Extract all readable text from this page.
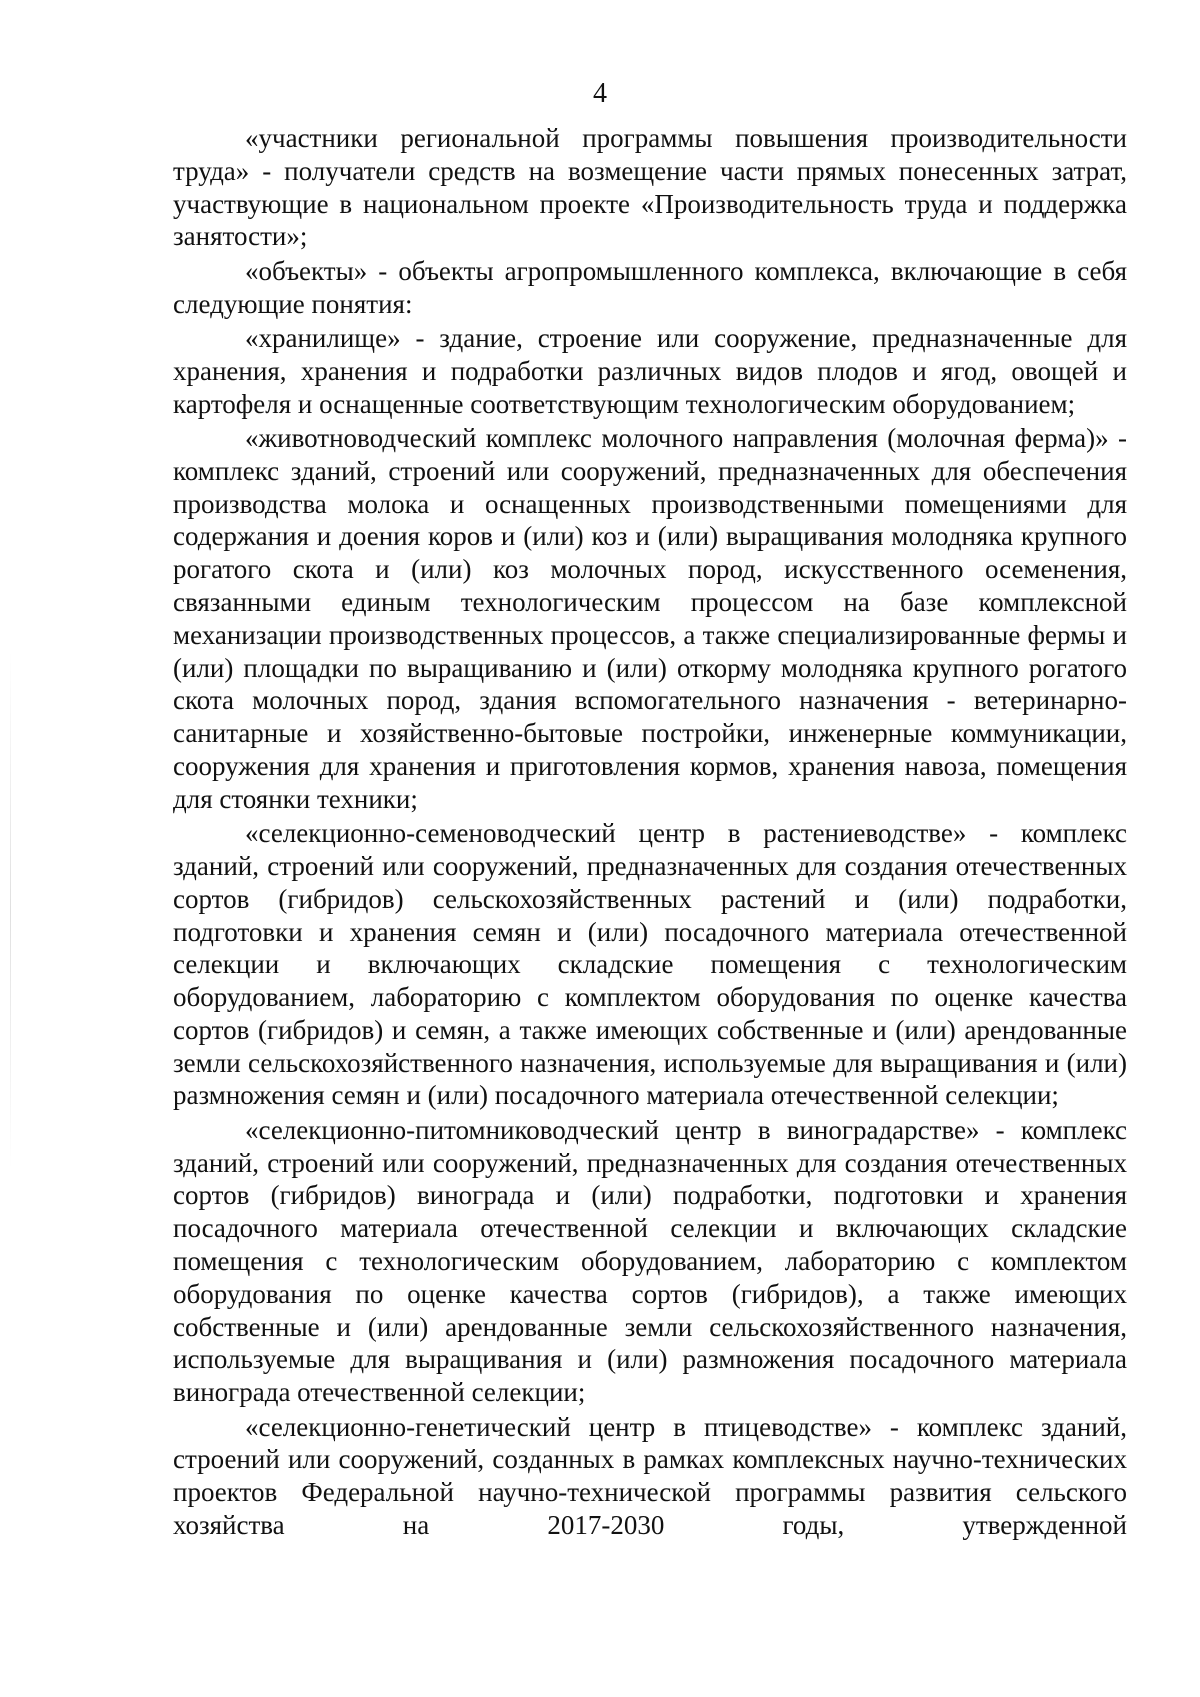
4

«участники региональной программы повышения производительности труда» - получатели средств на возмещение части прямых понесенных затрат, участвующие в национальном проекте «Производительность труда и поддержка занятости»;

«объекты» - объекты агропромышленного комплекса, включающие в себя следующие понятия:

«хранилище» - здание, строение или сооружение, предназначенные для хранения, хранения и подработки различных видов плодов и ягод, овощей и картофеля и оснащенные соответствующим технологическим оборудованием;

«животноводческий комплекс молочного направления (молочная ферма)» - комплекс зданий, строений или сооружений, предназначенных для обеспечения производства молока и оснащенных производственными помещениями для содержания и доения коров и (или) коз и (или) выращивания молодняка крупного рогатого скота и (или) коз молочных пород, искусственного осеменения, связанными единым технологическим процессом на базе комплексной механизации производственных процессов, а также специализированные фермы и (или) площадки по выращиванию и (или) откорму молодняка крупного рогатого скота молочных пород, здания вспомогательного назначения - ветеринарно-санитарные и хозяйственно-бытовые постройки, инженерные коммуникации, сооружения для хранения и приготовления кормов, хранения навоза, помещения для стоянки техники;

«селекционно-семеноводческий центр в растениеводстве» - комплекс зданий, строений или сооружений, предназначенных для создания отечественных сортов (гибридов) сельскохозяйственных растений и (или) подработки, подготовки и хранения семян и (или) посадочного материала отечественной селекции и включающих складские помещения с технологическим оборудованием, лабораторию с комплектом оборудования по оценке качества сортов (гибридов) и семян, а также имеющих собственные и (или) арендованные земли сельскохозяйственного назначения, используемые для выращивания и (или) размножения семян и (или) посадочного материала отечественной селекции;

«селекционно-питомниководческий центр в виноградарстве» - комплекс зданий, строений или сооружений, предназначенных для создания отечественных сортов (гибридов) винограда и (или) подработки, подготовки и хранения посадочного материала отечественной селекции и включающих складские помещения с технологическим оборудованием, лабораторию с комплектом оборудования по оценке качества сортов (гибридов), а также имеющих собственные и (или) арендованные земли сельскохозяйственного назначения, используемые для выращивания и (или) размножения посадочного материала винограда отечественной селекции;

«селекционно-генетический центр в птицеводстве» - комплекс зданий, строений или сооружений, созданных в рамках комплексных научно-технических проектов Федеральной научно-технической программы развития сельского хозяйства на 2017-2030 годы, утвержденной
